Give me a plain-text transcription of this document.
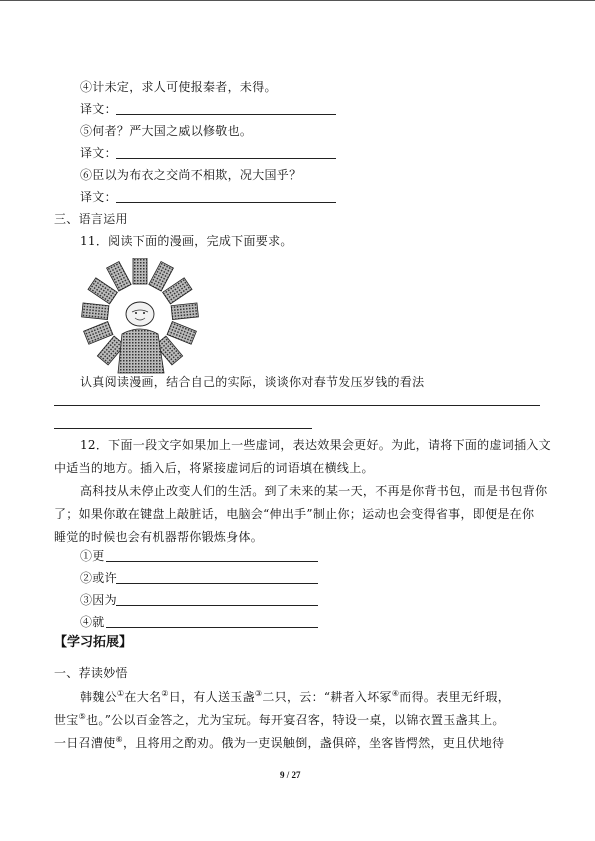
④计未定，求人可使报秦者，未得。
译文：
⑤何者？严大国之威以修敬也。
译文：
⑥臣以为布衣之交尚不相欺，况大国乎？
译文：
三、语言运用
11．阅读下面的漫画，完成下面要求。
认真阅读漫画，结合自己的实际，谈谈你对春节发压岁钱的看法
12．下面一段文字如果加上一些虚词，表达效果会更好。为此，请将下面的虚词插入文
中适当的地方。插入后，将紧接虚词后的词语填在横线上。
高科技从未停止改变人们的生活。到了未来的某一天，不再是你背书包，而是书包背你
了；如果你敢在键盘上敲脏话，电脑会“伸出手”制止你；运动也会变得省事，即便是在你
睡觉的时候也会有机器帮你锻炼身体。
①更
②或许
③因为
④就
【学习拓展】
一、荐读妙悟
韩魏公①在大名②日，有人送玉盏③二只，云：“耕者入坏冢④而得。表里无纤瑕，
世宝⑤也。”公以百金答之，尤为宝玩。每开宴召客，特设一桌，以锦衣置玉盏其上。
一日召漕使⑥，且将用之酌劝。俄为一吏误触倒，盏俱碎，坐客皆愕然，吏且伏地待
9 / 27
